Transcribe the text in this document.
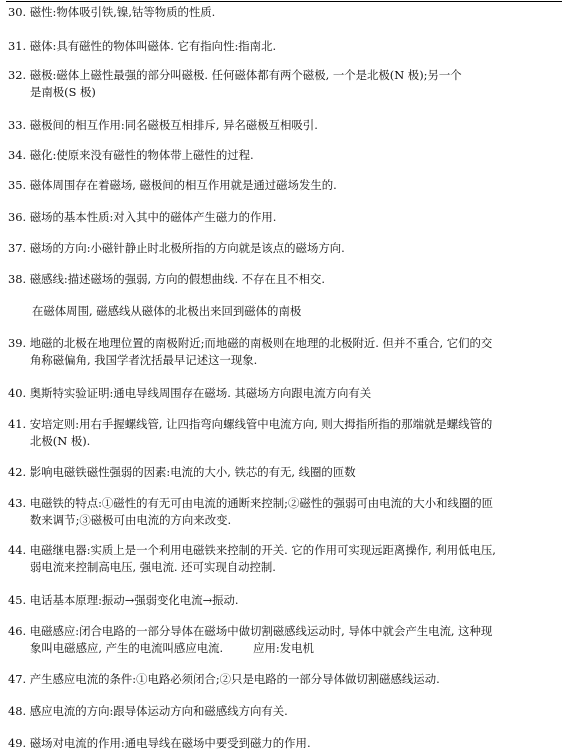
30. 磁性:物体吸引铁,镍,钴等物质的性质.
31. 磁体:具有磁性的物体叫磁体. 它有指向性:指南北.
32. 磁极:磁体上磁性最强的部分叫磁极. 任何磁体都有两个磁极, 一个是北极(N 极);另一个
是南极(S 极)
33. 磁极间的相互作用:同名磁极互相排斥, 异名磁极互相吸引.
34. 磁化:使原来没有磁性的物体带上磁性的过程.
35. 磁体周围存在着磁场, 磁极间的相互作用就是通过磁场发生的.
36. 磁场的基本性质:对入其中的磁体产生磁力的作用.
37. 磁场的方向:小磁针静止时北极所指的方向就是该点的磁场方向.
38. 磁感线:描述磁场的强弱, 方向的假想曲线. 不存在且不相交.
在磁体周围, 磁感线从磁体的北极出来回到磁体的南极
39. 地磁的北极在地理位置的南极附近;而地磁的南极则在地理的北极附近. 但并不重合, 它们的交
角称磁偏角, 我国学者沈括最早记述这一现象.
40. 奥斯特实验证明:通电导线周围存在磁场. 其磁场方向跟电流方向有关
41. 安培定则:用右手握螺线管, 让四指弯向螺线管中电流方向, 则大拇指所指的那端就是螺线管的
北极(N 极).
42. 影响电磁铁磁性强弱的因素:电流的大小, 铁芯的有无, 线圈的匝数
43. 电磁铁的特点:①磁性的有无可由电流的通断来控制;②磁性的强弱可由电流的大小和线圈的匝
数来调节;③磁极可由电流的方向来改变.
44. 电磁继电器:实质上是一个利用电磁铁来控制的开关. 它的作用可实现远距离操作, 利用低电压,
弱电流来控制高电压, 强电流. 还可实现自动控制.
45. 电话基本原理:振动→强弱变化电流→振动.
46. 电磁感应:闭合电路的一部分导体在磁场中做切割磁感线运动时, 导体中就会产生电流, 这种现
象叫电磁感应, 产生的电流叫感应电流.	应用:发电机
47. 产生感应电流的条件:①电路必须闭合;②只是电路的一部分导体做切割磁感线运动.
48. 感应电流的方向:跟导体运动方向和磁感线方向有关.
49. 磁场对电流的作用:通电导线在磁场中要受到磁力的作用.
